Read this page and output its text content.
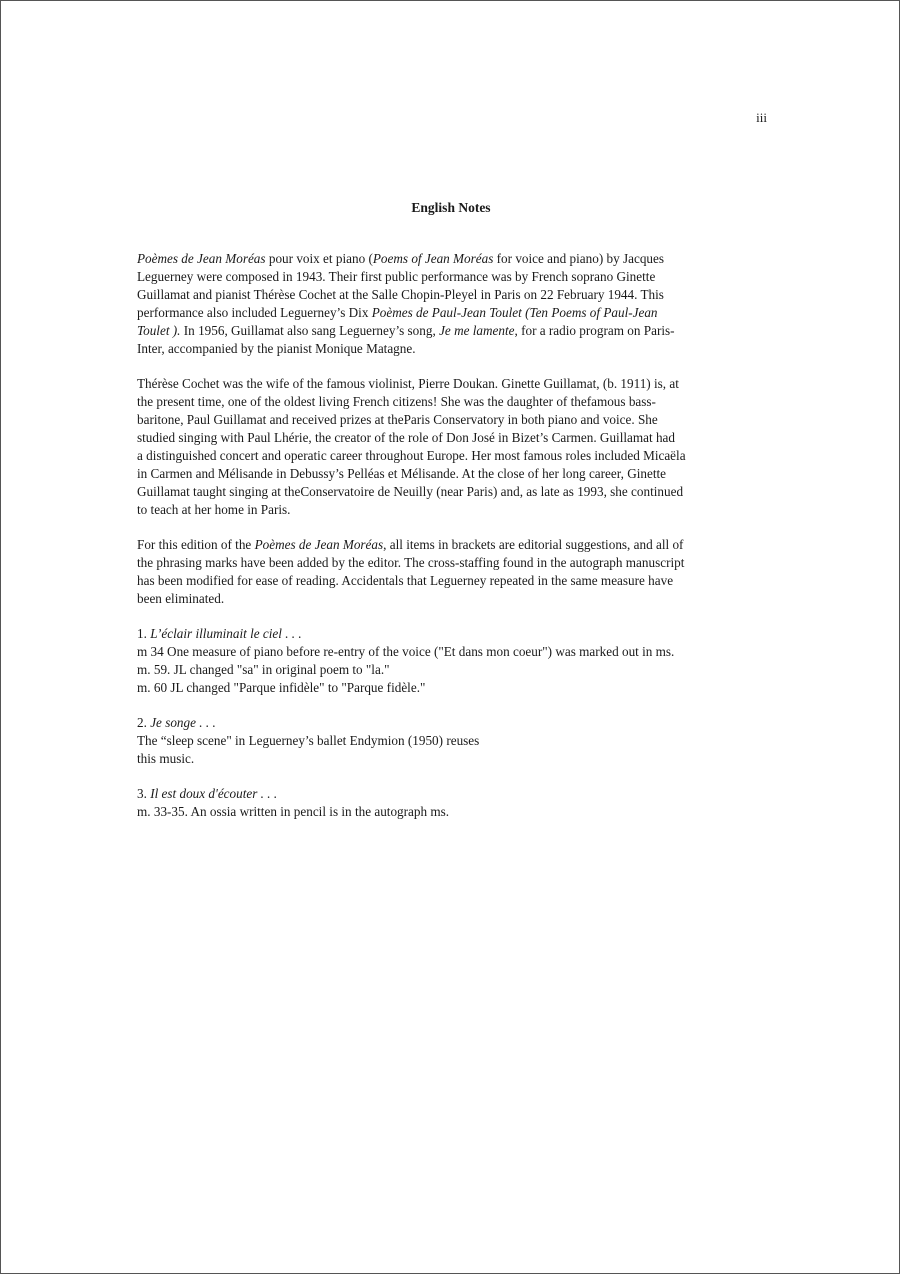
iii
English Notes
Poèmes de Jean Moréas pour voix et piano (Poems of Jean Moréas for voice and piano) by Jacques
Leguerney were composed in 1943. Their first public performance was by French soprano Ginette
Guillamat and pianist Thérèse Cochet at the Salle Chopin-Pleyel in Paris on 22 February 1944. This
performance also included Leguerney’s Dix Poèmes de Paul-Jean Toulet (Ten Poems of Paul-Jean
Toulet ). In 1956, Guillamat also sang Leguerney’s song, Je me lamente, for a radio program on Paris-
Inter, accompanied by the pianist Monique Matagne.
Thérèse Cochet was the wife of the famous violinist, Pierre Doukan. Ginette Guillamat, (b. 1911) is, at
the present time, one of the oldest living French citizens! She was the daughter of thefamous bass-
baritone, Paul Guillamat and received prizes at theParis Conservatory in both piano and voice. She
studied singing with Paul Lhérie, the creator of the role of Don José in Bizet’s Carmen. Guillamat had
a distinguished concert and operatic career throughout Europe. Her most famous roles included Micaëla
in Carmen and Mélisande in Debussy’s Pelléas et Mélisande. At the close of her long career, Ginette
Guillamat taught singing at theConservatoire de Neuilly (near Paris) and, as late as 1993, she continued
to teach at her home in Paris.
For this edition of the Poèmes de Jean Moréas, all items in brackets are editorial suggestions, and all of
the phrasing marks have been added by the editor. The cross-staffing found in the autograph manuscript
has been modified for ease of reading. Accidentals that Leguerney repeated in the same measure have
been eliminated.
1. L’éclair illuminait le ciel . . .
m 34 One measure of piano before re-entry of the voice ("Et dans mon coeur") was marked out in ms.
m. 59. JL changed "sa" in original poem to "la."
m. 60 JL changed "Parque infidèle" to "Parque fidèle."
2. Je songe . . .
The “sleep scene" in Leguerney’s ballet Endymion (1950) reuses
this music.
3. Il est doux d'écouter . . .
m. 33-35. An ossia written in pencil is in the autograph ms.
